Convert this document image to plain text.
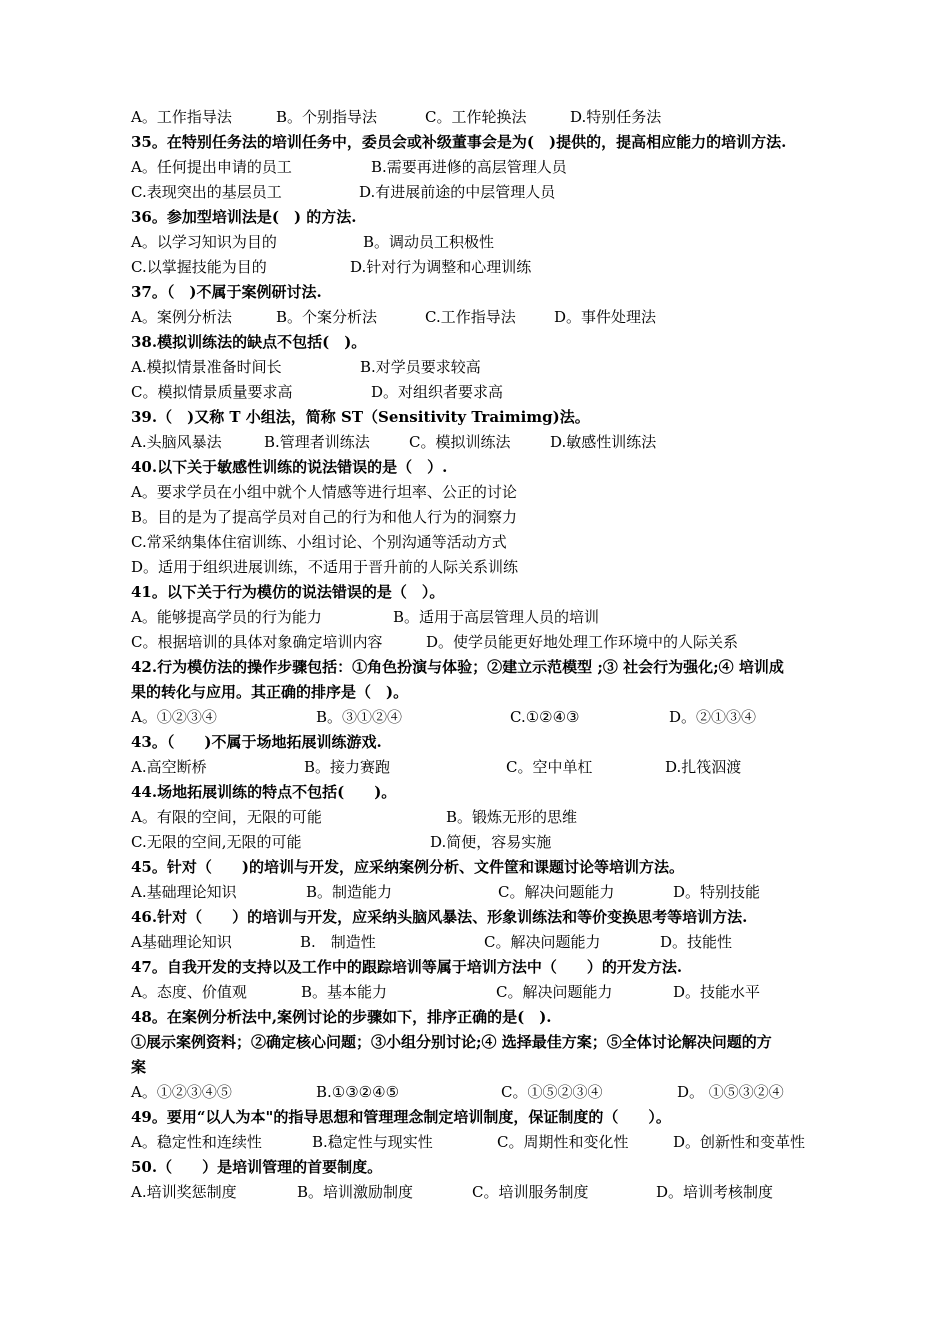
A。工作指导法	B。个别指导法	C。工作轮换法	D.特别任务法
35。在特别任务法的培训任务中，委员会或补级董事会是为(　)提供的，提高相应能力的培训方法.
A。任何提出申请的员工	B.需要再进修的高层管理人员
C.表现突出的基层员工	D.有进展前途的中层管理人员
36。参加型培训法是(　) 的方法.
A。以学习知识为目的	B。调动员工积极性
C.以掌握技能为目的	D.针对行为调整和心理训练
37。（　)不属于案例研讨法.
A。案例分析法	B。个案分析法	C.工作指导法	D。事件处理法
38.模拟训练法的缺点不包括(　)。
A.模拟情景准备时间长	B.对学员要求较高
C。模拟情景质量要求高	D。对组织者要求高
39.（　)又称 T 小组法，简称 ST（Sensitivity Traimimg)法。
A.头脑风暴法	B.管理者训练法	C。模拟训练法	D.敏感性训练法
40.以下关于敏感性训练的说法错误的是（　）.
A。要求学员在小组中就个人情感等进行坦率、公正的讨论
B。目的是为了提高学员对自己的行为和他人行为的洞察力
C.常采纳集体住宿训练、小组讨论、个别沟通等活动方式
D。适用于组织进展训练，不适用于晋升前的人际关系训练
41。以下关于行为模仿的说法错误的是（　）。
A。能够提高学员的行为能力	B。适用于高层管理人员的培训
C。根据培训的具体对象确定培训内容	D。使学员能更好地处理工作环境中的人际关系
42.行为模仿法的操作步骤包括：①角色扮演与体验；②建立示范模型 ;③ 社会行为强化;④ 培训成
果的转化与应用。其正确的排序是（　)。
A。①②③④	B。③①②④	C.①②④③	D。②①③④
43。（　　)不属于场地拓展训练游戏.
A.高空断桥	B。接力赛跑	C。空中单杠	D.扎筏泅渡
44.场地拓展训练的特点不包括(　　)。
A。有限的空间，无限的可能	B。锻炼无形的思维
C.无限的空间,无限的可能	D.简便，容易实施
45。针对（　　)的培训与开发，应采纳案例分析、文件筐和课题讨论等培训方法。
A.基础理论知识	B。制造能力	C。解决问题能力	D。特别技能
46.针对（　　）的培训与开发，应采纳头脑风暴法、形象训练法和等价变换思考等培训方法.
A基础理论知识	B.　制造性	C。解决问题能力	D。技能性
47。自我开发的支持以及工作中的跟踪培训等属于培训方法中（　　）的开发方法.
A。态度、价值观	B。基本能力	C。解决问题能力	D。技能水平
48。在案例分析法中,案例讨论的步骤如下，排序正确的是(　).
①展示案例资料；②确定核心问题；③小组分别讨论;④ 选择最佳方案；⑤全体讨论解决问题的方
案
A。①②③④⑤	B.①③②④⑤	C。①⑤②③④	D。 ①⑤③②④
49。要用“以人为本"的指导思想和管理理念制定培训制度，保证制度的（　　）。
A。稳定性和连续性	B.稳定性与现实性	C。周期性和变化性	D。创新性和变革性
50.（　　）是培训管理的首要制度。
A.培训奖惩制度	B。培训激励制度	C。培训服务制度	D。培训考核制度
